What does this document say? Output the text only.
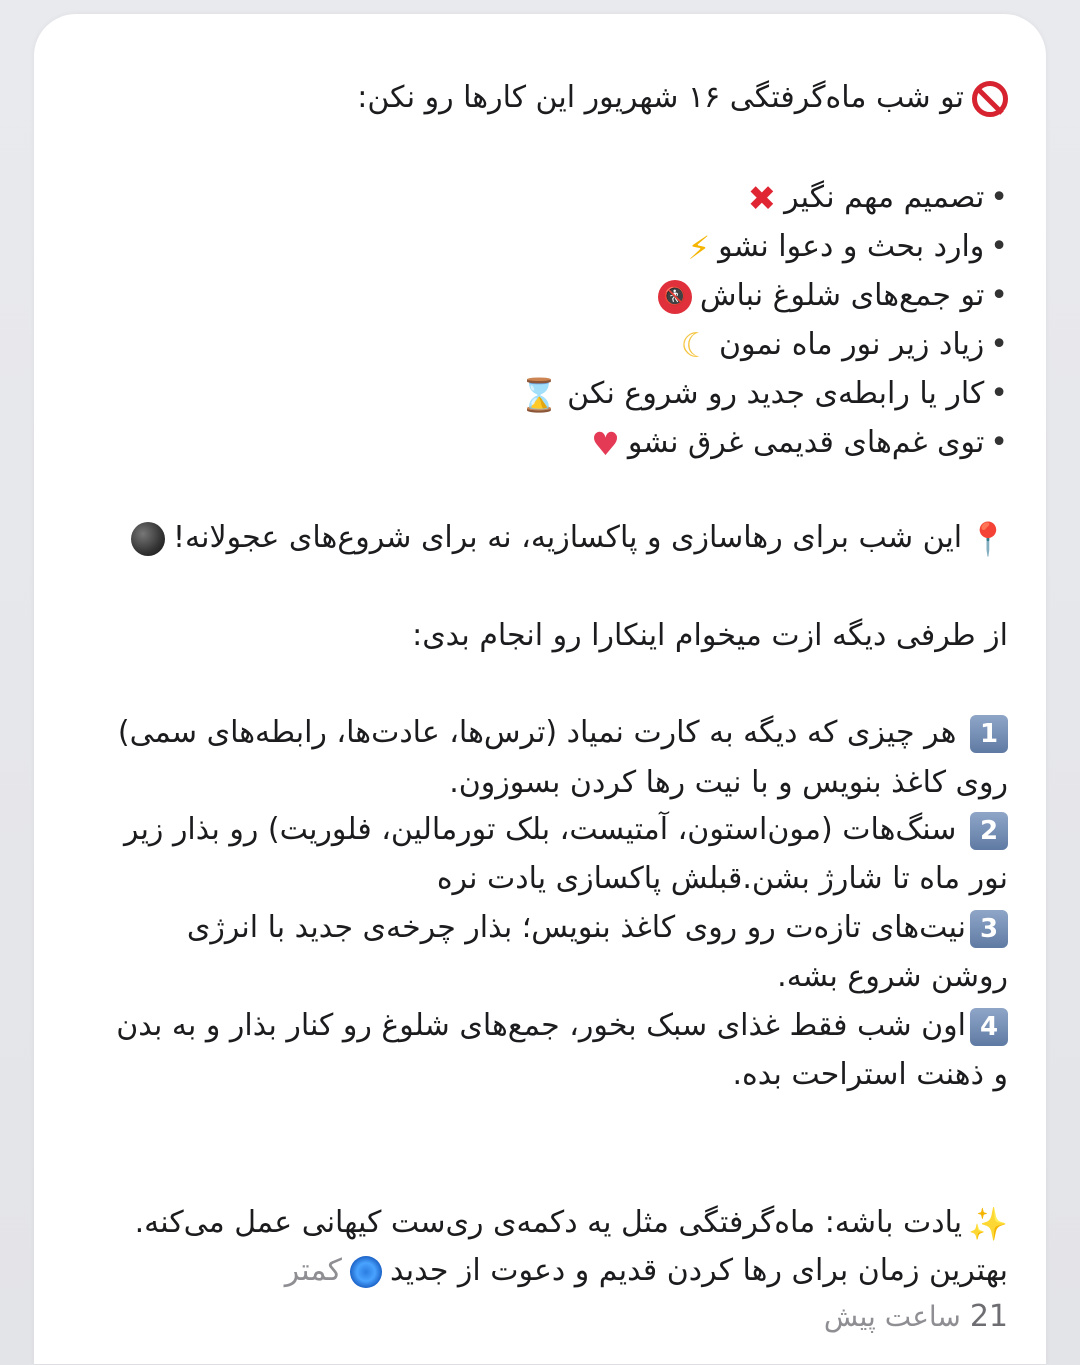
تو شب ماه‌گرفتگی ۱۶ شهریور این کارها رو نکن:
•تصمیم مهم نگیر✖
•وارد بحث و دعوا نشو⚡
•تو جمع‌های شلوغ نباش🚷
•زیاد زیر نور ماه نمون☾
•کار یا رابطه‌ی جدید رو شروع نکن⌛
•توی غم‌های قدیمی غرق نشو♥
📍این شب برای رهاسازی و پاکسازیه، نه برای شروع‌های عجولانه!
از طرفی دیگه ازت میخوام اینکارا رو انجام بدی:
1 هر چیزی که دیگه به کارت نمیاد (ترس‌ها، عادت‌ها، رابطه‌های سمی)
روی کاغذ بنویس و با نیت رها کردن بسوزون.
2 سنگ‌هات (مون‌استون، آمتیست، بلک تورمالین، فلوریت) رو بذار زیر
نور ماه تا شارژ بشن.قبلش پاکسازی یادت نره
3نیت‌های تازه‌ت رو روی کاغذ بنویس؛ بذار چرخه‌ی جدید با انرژی
روشن شروع بشه.
4اون شب فقط غذای سبک بخور، جمع‌های شلوغ رو کنار بذار و به بدن
و ذهنت استراحت بده.
✨یادت باشه: ماه‌گرفتگی مثل یه دکمه‌ی ری‌ست کیهانی عمل می‌کنه.
بهترین زمان برای رها کردن قدیم و دعوت از جدیدکمتر
21 ساعت پیش
